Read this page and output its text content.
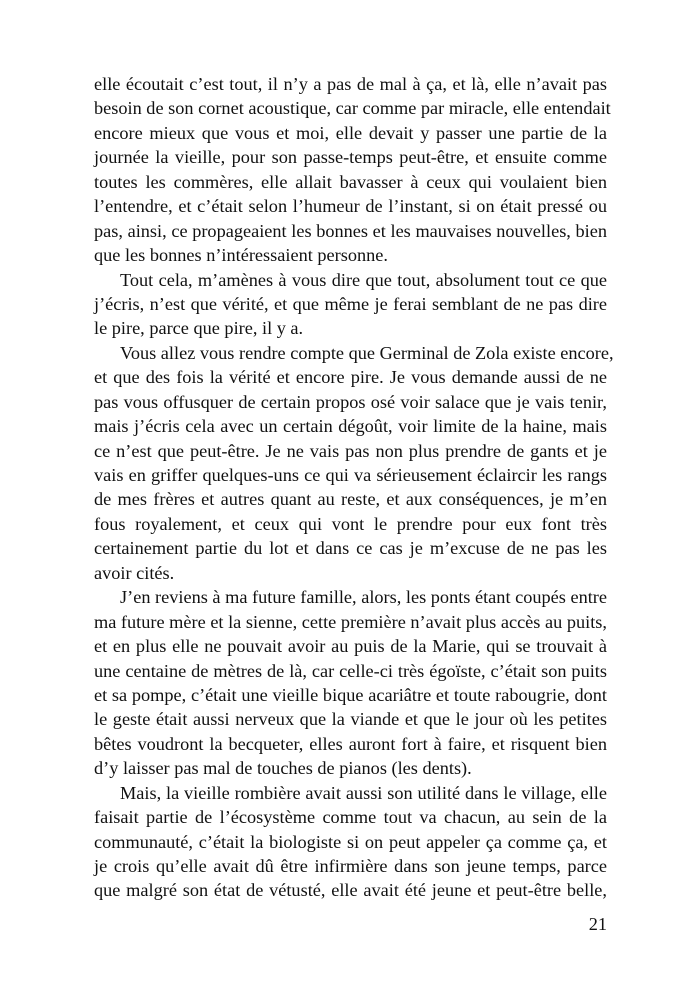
elle écoutait c’est tout, il n’y a pas de mal à ça, et là, elle n’avait pas
besoin de son cornet acoustique, car comme par miracle, elle entendait
encore mieux que vous et moi, elle devait y passer une partie de la
journée la vieille, pour son passe-temps peut-être, et ensuite comme
toutes les commères, elle allait bavasser à ceux qui voulaient bien
l’entendre, et c’était selon l’humeur de l’instant, si on était pressé ou
pas, ainsi, ce propageaient les bonnes et les mauvaises nouvelles, bien
que les bonnes n’intéressaient personne.
Tout cela, m’amènes à vous dire que tout, absolument tout ce que
j’écris, n’est que vérité, et que même je ferai semblant de ne pas dire
le pire, parce que pire, il y a.
Vous allez vous rendre compte que Germinal de Zola existe encore,
et que des fois la vérité et encore pire. Je vous demande aussi de ne
pas vous offusquer de certain propos osé voir salace que je vais tenir,
mais j’écris cela avec un certain dégoût, voir limite de la haine, mais
ce n’est que peut-être. Je ne vais pas non plus prendre de gants et je
vais en griffer quelques-uns ce qui va sérieusement éclaircir les rangs
de mes frères et autres quant au reste, et aux conséquences, je m’en
fous royalement, et ceux qui vont le prendre pour eux font très
certainement partie du lot et dans ce cas je m’excuse de ne pas les
avoir cités.
J’en reviens à ma future famille, alors, les ponts étant coupés entre
ma future mère et la sienne, cette première n’avait plus accès au puits,
et en plus elle ne pouvait avoir au puis de la Marie, qui se trouvait à
une centaine de mètres de là, car celle-ci très égoïste, c’était son puits
et sa pompe, c’était une vieille bique acariâtre et toute rabougrie, dont
le geste était aussi nerveux que la viande et que le jour où les petites
bêtes voudront la becqueter, elles auront fort à faire, et risquent bien
d’y laisser pas mal de touches de pianos (les dents).
Mais, la vieille rombière avait aussi son utilité dans le village, elle
faisait partie de l’écosystème comme tout va chacun, au sein de la
communauté, c’était la biologiste si on peut appeler ça comme ça, et
je crois qu’elle avait dû être infirmière dans son jeune temps, parce
que malgré son état de vétusté, elle avait été jeune et peut-être belle,
21
